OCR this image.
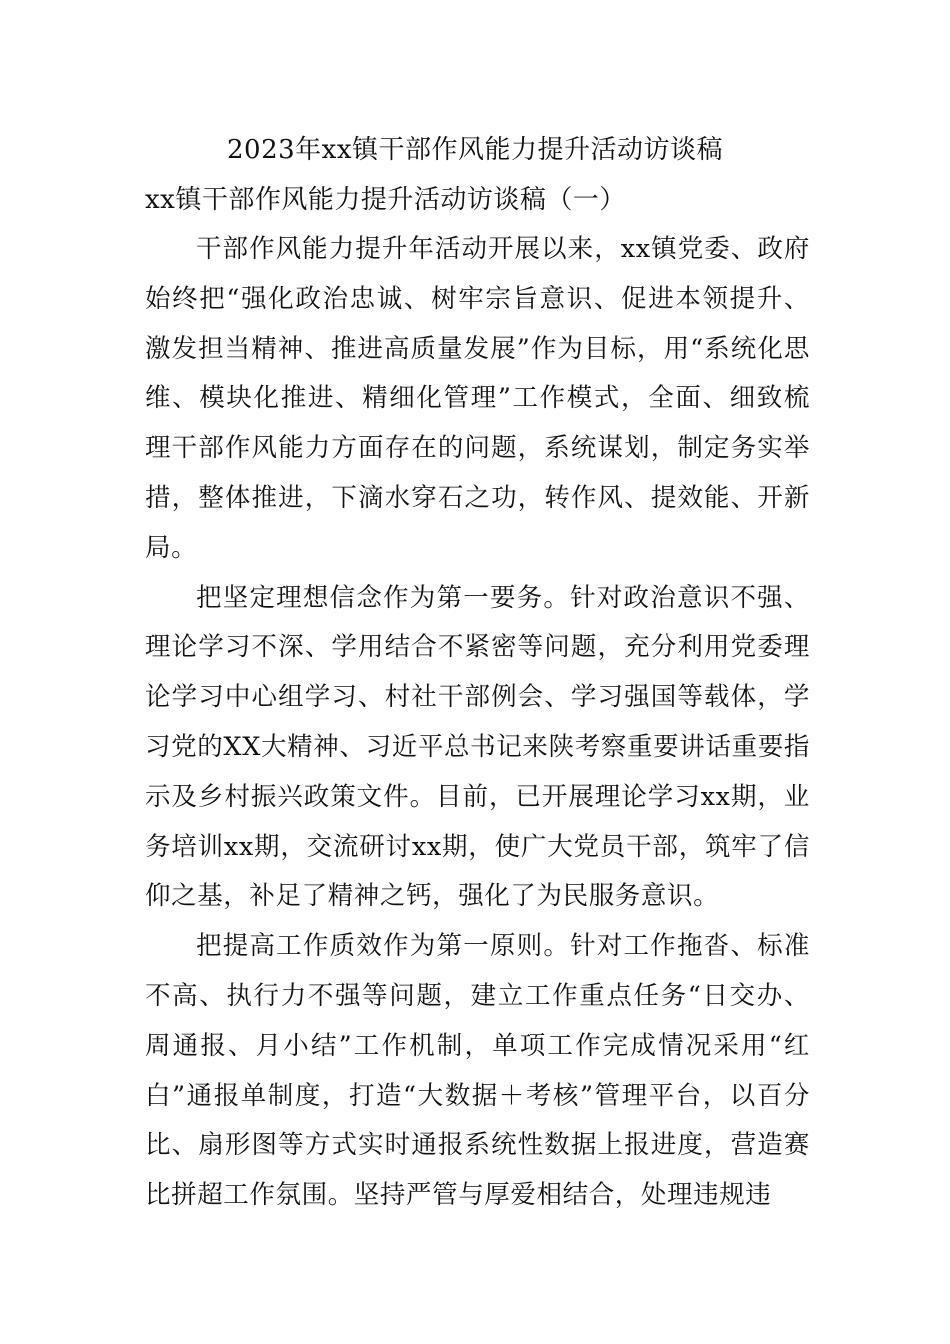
2023年xx镇干部作风能力提升活动访谈稿
xx镇干部作风能力提升活动访谈稿（一）

干部作风能力提升年活动开展以来，xx镇党委、政府始终把“强化政治忠诚、树牢宗旨意识、促进本领提升、激发担当精神、推进高质量发展”作为目标，用“系统化思维、模块化推进、精细化管理”工作模式，全面、细致梳理干部作风能力方面存在的问题，系统谋划，制定务实举措，整体推进，下滴水穿石之功，转作风、提效能、开新局。

把坚定理想信念作为第一要务。针对政治意识不强、理论学习不深、学用结合不紧密等问题，充分利用党委理论学习中心组学习、村社干部例会、学习强国等载体，学习党的XX大精神、习近平总书记来陕考察重要讲话重要指示及乡村振兴政策文件。目前，已开展理论学习xx期，业务培训xx期，交流研讨xx期，使广大党员干部，筑牢了信仰之基，补足了精神之钙，强化了为民服务意识。

把提高工作质效作为第一原则。针对工作拖沓、标准不高、执行力不强等问题，建立工作重点任务“日交办、周通报、月小结”工作机制，单项工作完成情况采用“红白”通报单制度，打造“大数据＋考核”管理平台，以百分比、扇形图等方式实时通报系统性数据上报进度，营造赛比拼超工作氛围。坚持严管与厚爱相结合，处理违规违
